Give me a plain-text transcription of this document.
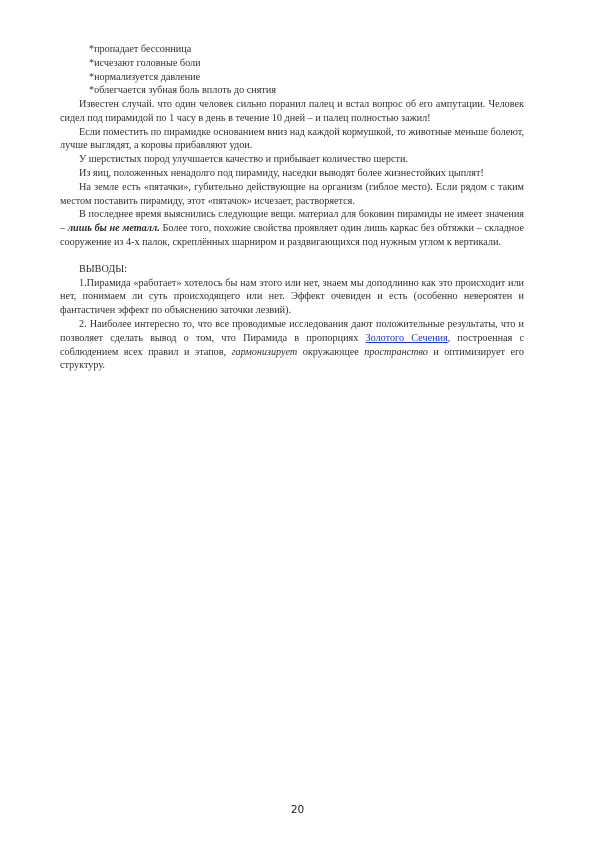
*пропадает бессонница
*исчезают головные боли
*нормализуется давление
*облегчается зубная боль вплоть до снятия

Известен случай. что один человек сильно поранил палец и встал вопрос об его ампутации. Человек сидел под пирамидой по 1 часу в день в течение 10 дней – и палец полностью зажил!

Если поместить по пирамидке основанием вниз над каждой кормушкой, то животные меньше болеют, лучше выглядят, а коровы прибавляют удои.

У шерстистых пород улучшается качество и прибывает количество шерсти.

Из яиц, положенных ненадолго под пирамиду, наседки выводят более жизнестойких цыплят!

На земле есть «пятачки», губительно действующие на организм (гиблое место). Если рядом с таким местом поставить пирамиду, этот «пятачок» исчезает, растворяется.

В последнее время выяснились следующие вещи. материал для боковин пирамиды не имеет значения – лишь бы не металл. Более того, похожие свойства проявляет один лишь каркас без обтяжки – складное сооружение из 4-х палок, скреплённых шарниром и раздвигающихся под нужным углом к вертикали.

ВЫВОДЫ:

1.Пирамида «работает» хотелось бы нам этого или нет, знаем мы доподлинно как это происходит или нет, понимаем ли суть происходящего или нет. Эффект очевиден и есть (особенно невероятен и фантастичен эффект по объяснению заточки лезвий).

2. Наиболее интересно то, что все проводимые исследования дают положительные результаты, что и позволяет сделать вывод о том, что Пирамида в пропорциях Золотого Сечения, построенная с соблюдением всех правил и этапов, гармонизирует окружающее пространство и оптимизирует его структуру.

20
